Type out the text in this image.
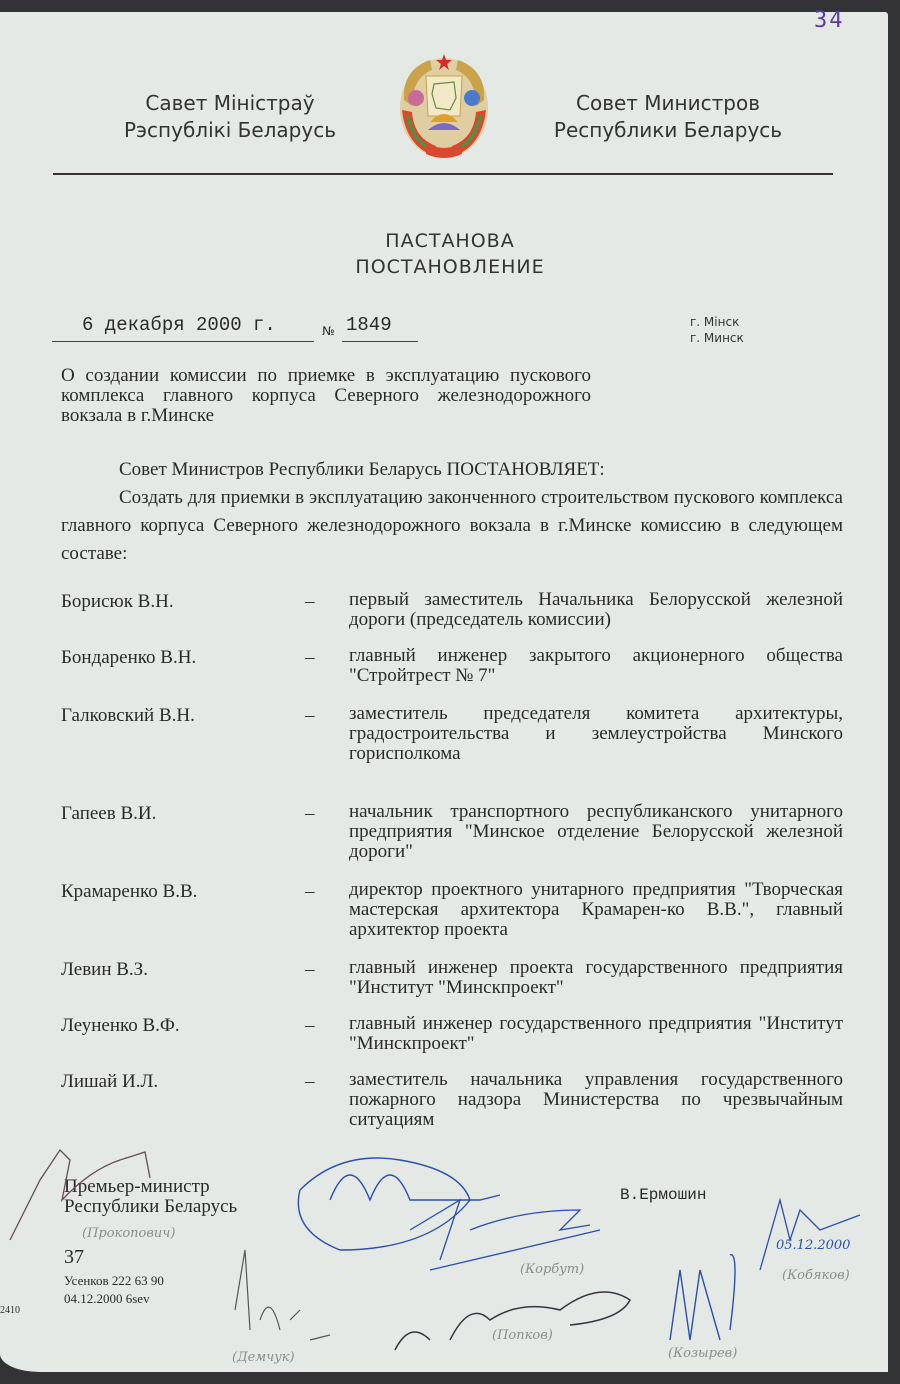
34
Савет Міністраў
Рэспублікі Беларусь
Совет Министров
Республики Беларусь
ПАСТАНОВА
ПОСТАНОВЛЕНИЕ
6 декабря 2000 г.	№ 1849	г. Мінск
г. Минск
О создании комиссии по приемке в эксплуатацию пускового комплекса главного корпуса Северного железнодорожного вокзала в г.Минске
Совет Министров Республики Беларусь ПОСТАНОВЛЯЕТ:
Создать для приемки в эксплуатацию законченного строительством пускового комплекса главного корпуса Северного железнодорожного вокзала в г.Минске комиссию в следующем составе:
Борисюк В.Н.	– первый заместитель Начальника Белорусской железной дороги (председатель комиссии)
Бондаренко В.Н.	– главный инженер закрытого акционерного общества "Стройтрест № 7"
Галковский В.Н.	– заместитель председателя комитета архитектуры, градостроительства и землеустройства Минского горисполкома
Гапеев В.И.	– начальник транспортного республиканского унитарного предприятия "Минское отделение Белорусской железной дороги"
Крамаренко В.В.	– директор проектного унитарного предприятия "Творческая мастерская архитектора Крамарен-ко В.В.", главный архитектор проекта
Левин В.З.	– главный инженер проекта государственного предприятия "Институт "Минскпроект"
Леуненко В.Ф.	– главный инженер государственного предприятия "Институт "Минскпроект"
Лишай И.Л.	– заместитель начальника управления государственного пожарного надзора Министерства по чрезвычайным ситуациям
Премьер-министр
Республики Беларусь
В.Ермошин
37
Усенков 222 63 90
04.12.2000 6sev
2410
(Прокопович)
(Корбут)
(Демчук)
(Попков)
(Козырев)
(Кобяков)
05.12.2000
